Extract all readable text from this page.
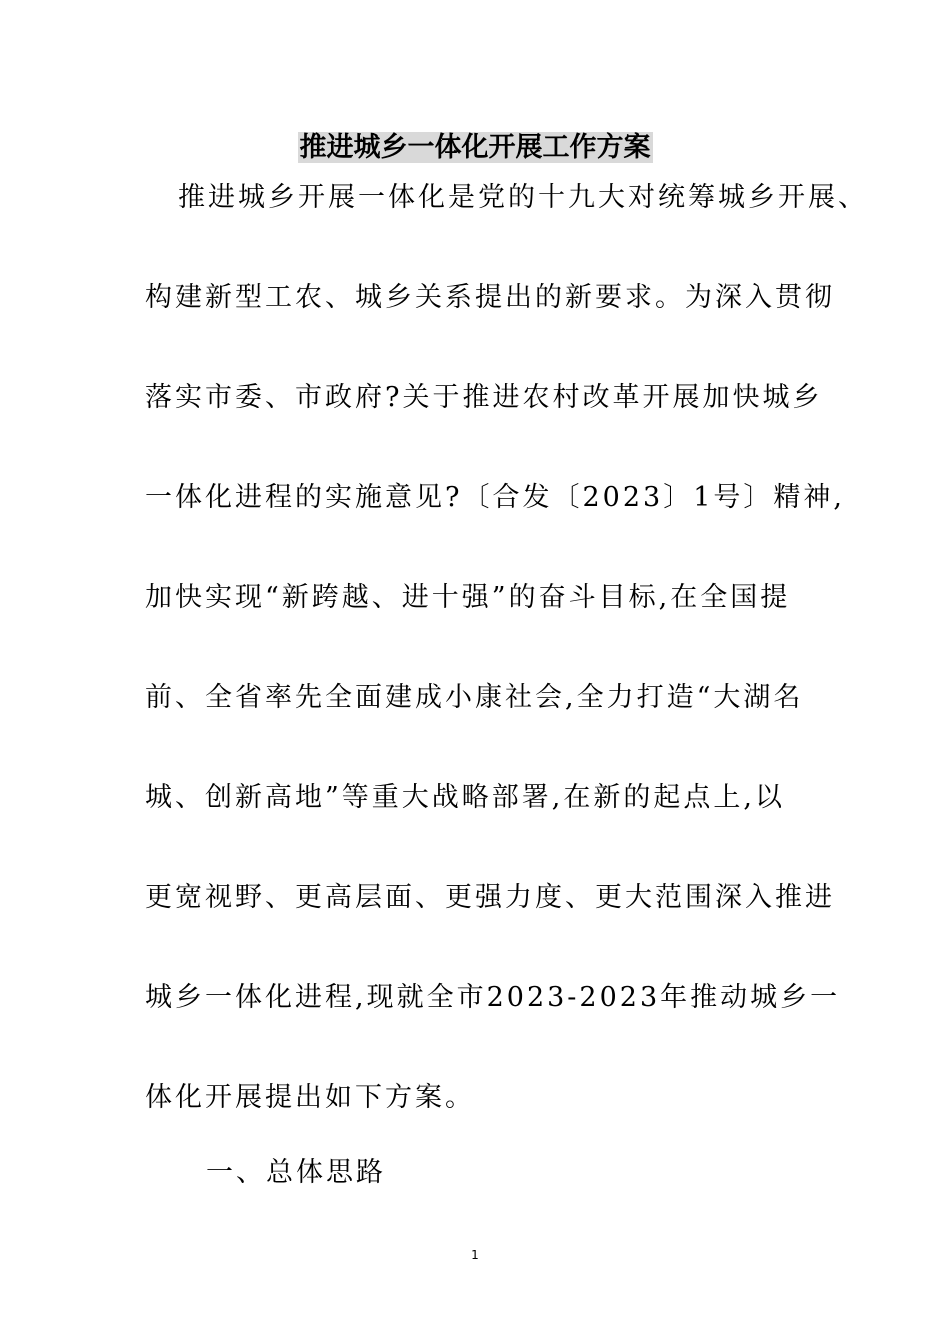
推进城乡一体化开展工作方案
推进城乡开展一体化是党的十九大对统筹城乡开展、
构建新型工农、城乡关系提出的新要求。为深入贯彻
落实市委、市政府?关于推进农村改革开展加快城乡
一体化进程的实施意见?〔合发〔2023〕1号〕精神,
加快实现“新跨越、进十强”的奋斗目标,在全国提
前、全省率先全面建成小康社会,全力打造“大湖名
城、创新高地”等重大战略部署,在新的起点上,以
更宽视野、更高层面、更强力度、更大范围深入推进
城乡一体化进程,现就全市2023-2023年推动城乡一
体化开展提出如下方案。
一、总体思路
1
